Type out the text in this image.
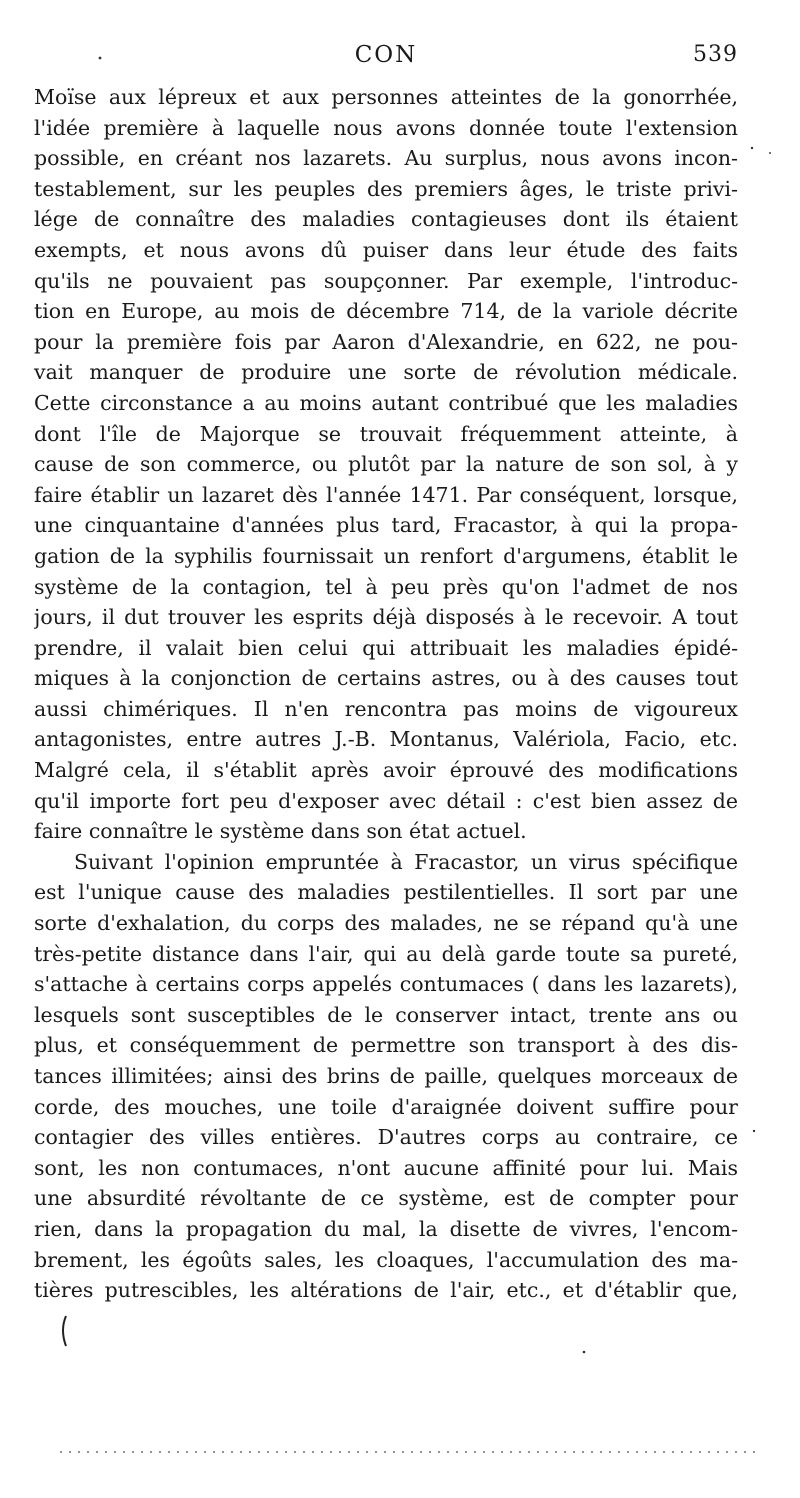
CON	539
Moïse aux lépreux et aux personnes atteintes de la gonorrhée,
l'idée première à laquelle nous avons donnée toute l'extension
possible, en créant nos lazarets. Au surplus, nous avons incon-
testablement, sur les peuples des premiers âges, le triste privi-
lége de connaître des maladies contagieuses dont ils étaient
exempts, et nous avons dû puiser dans leur étude des faits
qu'ils ne pouvaient pas soupçonner. Par exemple, l'introduc-
tion en Europe, au mois de décembre 714, de la variole décrite
pour la première fois par Aaron d'Alexandrie, en 622, ne pou-
vait manquer de produire une sorte de révolution médicale.
Cette circonstance a au moins autant contribué que les maladies
dont l'île de Majorque se trouvait fréquemment atteinte, à
cause de son commerce, ou plutôt par la nature de son sol, à y
faire établir un lazaret dès l'année 1471. Par conséquent, lorsque,
une cinquantaine d'années plus tard, Fracastor, à qui la propa-
gation de la syphilis fournissait un renfort d'argumens, établit le
système de la contagion, tel à peu près qu'on l'admet de nos
jours, il dut trouver les esprits déjà disposés à le recevoir. A tout
prendre, il valait bien celui qui attribuait les maladies épidé-
miques à la conjonction de certains astres, ou à des causes tout
aussi chimériques. Il n'en rencontra pas moins de vigoureux
antagonistes, entre autres J.-B. Montanus, Valériola, Facio, etc.
Malgré cela, il s'établit après avoir éprouvé des modifications
qu'il importe fort peu d'exposer avec détail : c'est bien assez de
faire connaître le système dans son état actuel.
Suivant l'opinion empruntée à Fracastor, un virus spécifique
est l'unique cause des maladies pestilentielles. Il sort par une
sorte d'exhalation, du corps des malades, ne se répand qu'à une
très-petite distance dans l'air, qui au delà garde toute sa pureté,
s'attache à certains corps appelés contumaces ( dans les lazarets),
lesquels sont susceptibles de le conserver intact, trente ans ou
plus, et conséquemment de permettre son transport à des dis-
tances illimitées; ainsi des brins de paille, quelques morceaux de
corde, des mouches, une toile d'araignée doivent suffire pour
contagier des villes entières. D'autres corps au contraire, ce
sont, les non contumaces, n'ont aucune affinité pour lui. Mais
une absurdité révoltante de ce système, est de compter pour
rien, dans la propagation du mal, la disette de vivres, l'encom-
brement, les égoûts sales, les cloaques, l'accumulation des ma-
tières putrescibles, les altérations de l'air, etc., et d'établir que,
